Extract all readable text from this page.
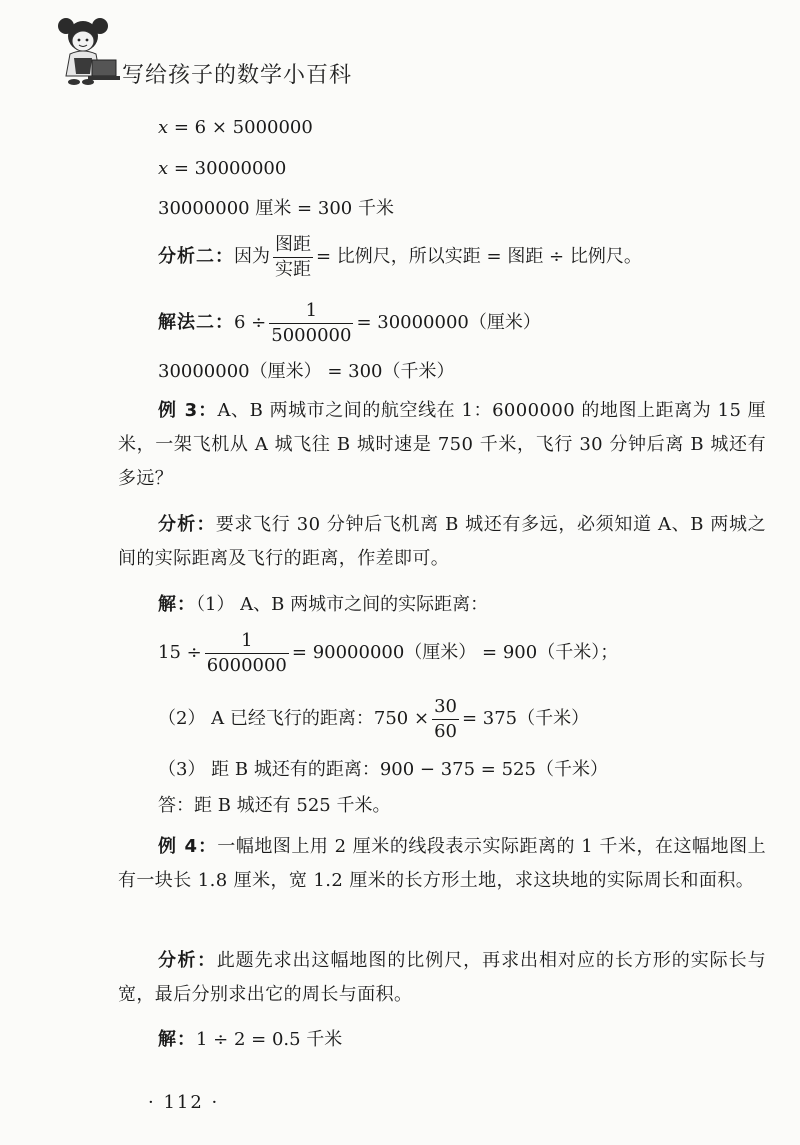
写给孩子的数学小百科
x = 6 × 5000000
x = 30000000
30000000 厘米 = 300 千米
分析二：因为 $\frac{\text{图距}}{\text{实距}}$ = 比例尺，所以实距 = 图距 ÷ 比例尺。
解法二：$6 \div \frac{1}{5000000} = 30000000$（厘米）
30000000（厘米） = 300（千米）
例 3：A、B 两城市之间的航空线在 1：6000000 的地图上距离为 15 厘米，一架飞机从 A 城飞往 B 城时速是 750 千米，飞行 30 分钟后离 B 城还有多远？
分析：要求飞行 30 分钟后飞机离 B 城还有多远，必须知道 A、B 两城之间的实际距离及飞行的距离，作差即可。
解：（1） A、B 两城市之间的实际距离：
$15 \div \frac{1}{6000000} = 90000000$（厘米） = 900（千米）；
（2） A 已经飞行的距离：$750 \times \frac{30}{60} = 375$（千米）
（3） 距 B 城还有的距离：900 − 375 = 525（千米）
答：距 B 城还有 525 千米。
例 4：一幅地图上用 2 厘米的线段表示实际距离的 1 千米，在这幅地图上有一块长 1.8 厘米，宽 1.2 厘米的长方形土地，求这块地的实际周长和面积。
分析：此题先求出这幅地图的比例尺，再求出相对应的长方形的实际长与宽，最后分别求出它的周长与面积。
解：1 ÷ 2 = 0.5 千米
· 112 ·
